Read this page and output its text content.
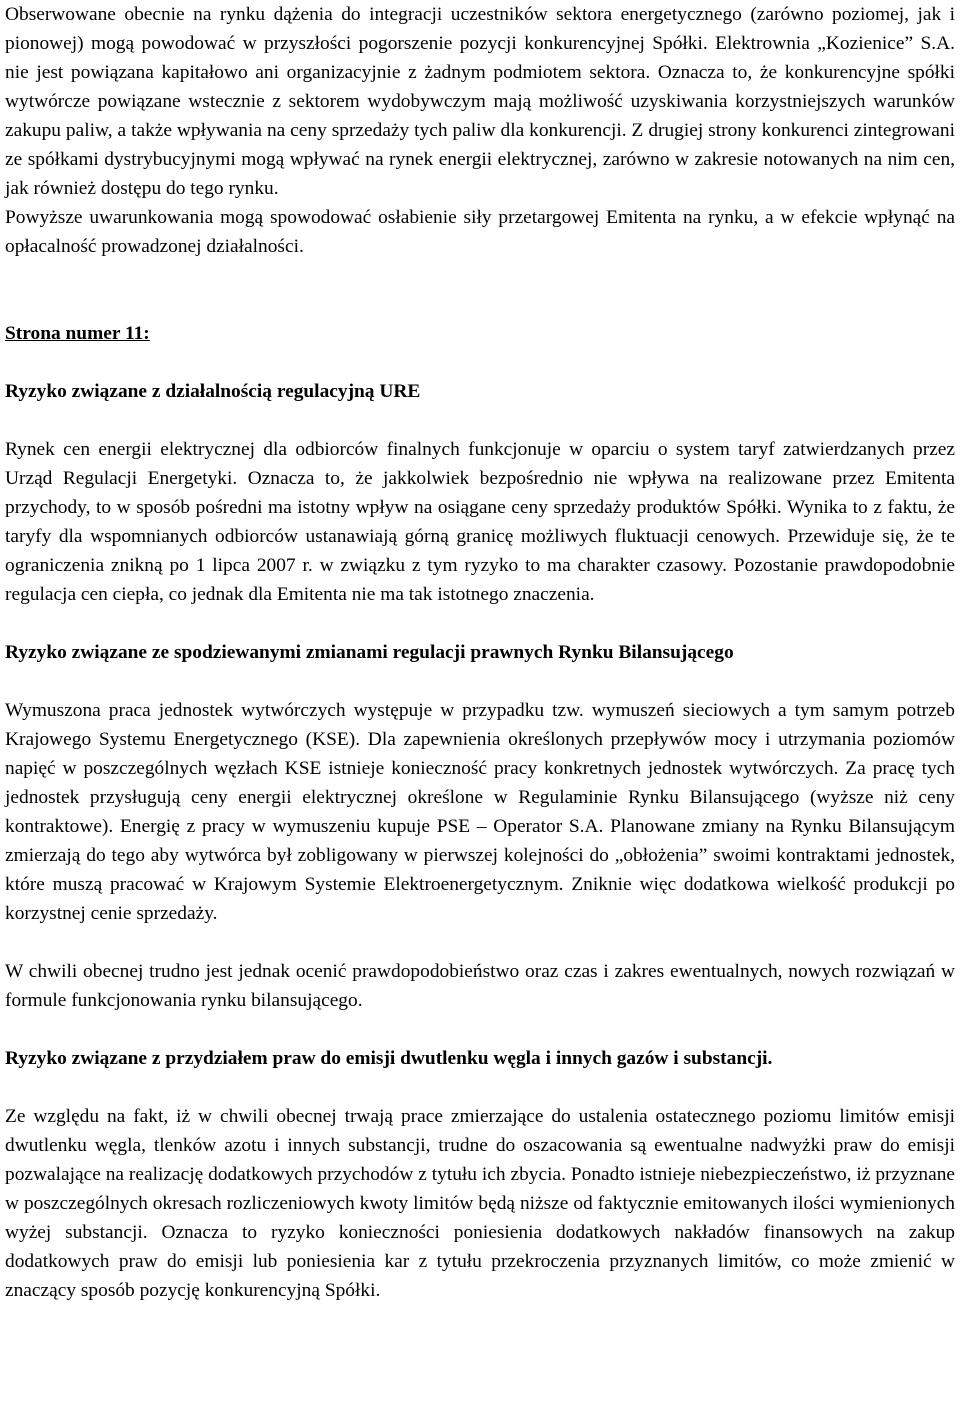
Obserwowane obecnie na rynku dążenia do integracji uczestników sektora energetycznego (zarówno poziomej, jak i pionowej) mogą powodować w przyszłości pogorszenie pozycji konkurencyjnej Spółki. Elektrownia „Kozienice” S.A. nie jest powiązana kapitałowo ani organizacyjnie z żadnym podmiotem sektora. Oznacza to, że konkurencyjne spółki wytwórcze powiązane wstecznie z sektorem wydobywczym mają możliwość uzyskiwania korzystniejszych warunków zakupu paliw, a także wpływania na ceny sprzedaży tych paliw dla konkurencji. Z drugiej strony konkurenci zintegrowani ze spółkami dystrybucyjnymi mogą wpływać na rynek energii elektrycznej, zarówno w zakresie notowanych na nim cen, jak również dostępu do tego rynku.

Powyższe uwarunkowania mogą spowodować osłabienie siły przetargowej Emitenta na rynku, a w efekcie wpłynąć na opłacalność prowadzonej działalności.

Strona numer 11:

Ryzyko związane z działalnością regulacyjną URE

Rynek cen energii elektrycznej dla odbiorców finalnych funkcjonuje w oparciu o system taryf zatwierdzanych przez Urząd Regulacji Energetyki. Oznacza to, że jakkolwiek bezpośrednio nie wpływa na realizowane przez Emitenta przychody, to w sposób pośredni ma istotny wpływ na osiągane ceny sprzedaży produktów Spółki. Wynika to z faktu, że taryfy dla wspomnianych odbiorców ustanawiają górną granicę możliwych fluktuacji cenowych. Przewiduje się, że te ograniczenia znikną po 1 lipca 2007 r. w związku z tym ryzyko to ma charakter czasowy. Pozostanie prawdopodobnie regulacja cen ciepła, co jednak dla Emitenta nie ma tak istotnego znaczenia.

Ryzyko związane ze spodziewanymi zmianami regulacji prawnych Rynku Bilansującego

Wymuszona praca jednostek wytwórczych występuje w przypadku tzw. wymuszeń sieciowych a tym samym potrzeb Krajowego Systemu Energetycznego (KSE). Dla zapewnienia określonych przepływów mocy i utrzymania poziomów napięć w poszczególnych węzłach KSE istnieje konieczność pracy konkretnych jednostek wytwórczych. Za pracę tych jednostek przysługują ceny energii elektrycznej określone w Regulaminie Rynku Bilansującego (wyższe niż ceny kontraktowe). Energię z pracy w wymuszeniu kupuje PSE – Operator S.A. Planowane zmiany na Rynku Bilansującym zmierzają do tego aby wytwórca był zobligowany w pierwszej kolejności do „obłożenia” swoimi kontraktami jednostek, które muszą pracować w Krajowym Systemie Elektroenergetycznym. Zniknie więc dodatkowa wielkość produkcji po korzystnej cenie sprzedaży.

W chwili obecnej trudno jest jednak ocenić prawdopodobieństwo oraz czas i zakres ewentualnych, nowych rozwiązań w formule funkcjonowania rynku bilansującego.

Ryzyko związane z przydziałem praw do emisji dwutlenku węgla i innych gazów i substancji.

Ze względu na fakt, iż w chwili obecnej trwają prace zmierzające do ustalenia ostatecznego poziomu limitów emisji dwutlenku węgla, tlenków azotu i innych substancji, trudne do oszacowania są ewentualne nadwyżki praw do emisji pozwalające na realizację dodatkowych przychodów z tytułu ich zbycia. Ponadto istnieje niebezpieczeństwo, iż przyznane w poszczególnych okresach rozliczeniowych kwoty limitów będą niższe od faktycznie emitowanych ilości wymienionych wyżej substancji. Oznacza to ryzyko konieczności poniesienia dodatkowych nakładów finansowych na zakup dodatkowych praw do emisji lub poniesienia kar z tytułu przekroczenia przyznanych limitów, co może zmienić w znaczący sposób pozycję konkurencyjną Spółki.
